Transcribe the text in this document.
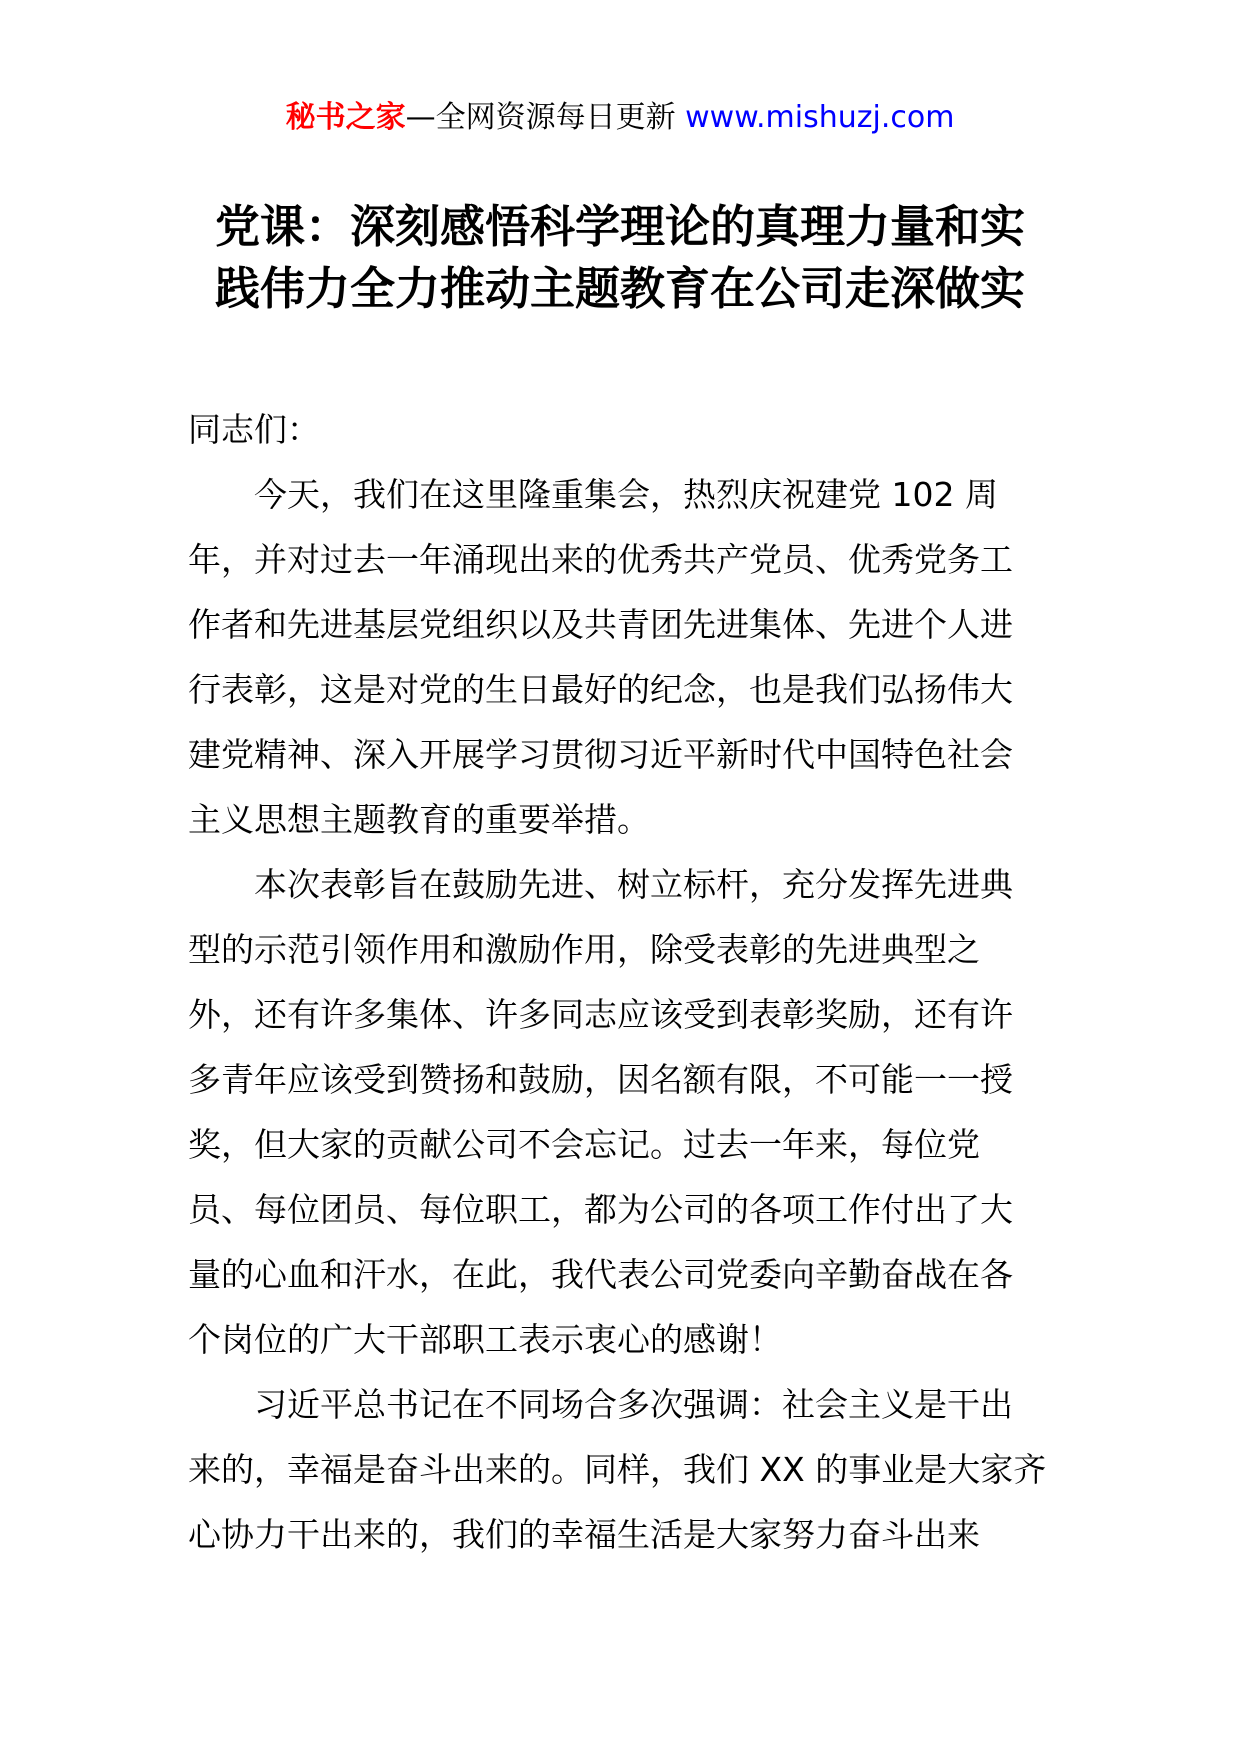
秘书之家—全网资源每日更新 www.mishuzj.com
党课：深刻感悟科学理论的真理力量和实
践伟力全力推动主题教育在公司走深做实
同志们：
今天，我们在这里隆重集会，热烈庆祝建党 102 周
年，并对过去一年涌现出来的优秀共产党员、优秀党务工
作者和先进基层党组织以及共青团先进集体、先进个人进
行表彰，这是对党的生日最好的纪念，也是我们弘扬伟大
建党精神、深入开展学习贯彻习近平新时代中国特色社会
主义思想主题教育的重要举措。
本次表彰旨在鼓励先进、树立标杆，充分发挥先进典
型的示范引领作用和激励作用，除受表彰的先进典型之
外，还有许多集体、许多同志应该受到表彰奖励，还有许
多青年应该受到赞扬和鼓励，因名额有限，不可能一一授
奖，但大家的贡献公司不会忘记。过去一年来，每位党
员、每位团员、每位职工，都为公司的各项工作付出了大
量的心血和汗水，在此，我代表公司党委向辛勤奋战在各
个岗位的广大干部职工表示衷心的感谢！
习近平总书记在不同场合多次强调：社会主义是干出
来的，幸福是奋斗出来的。同样，我们 XX 的事业是大家齐
心协力干出来的，我们的幸福生活是大家努力奋斗出来
